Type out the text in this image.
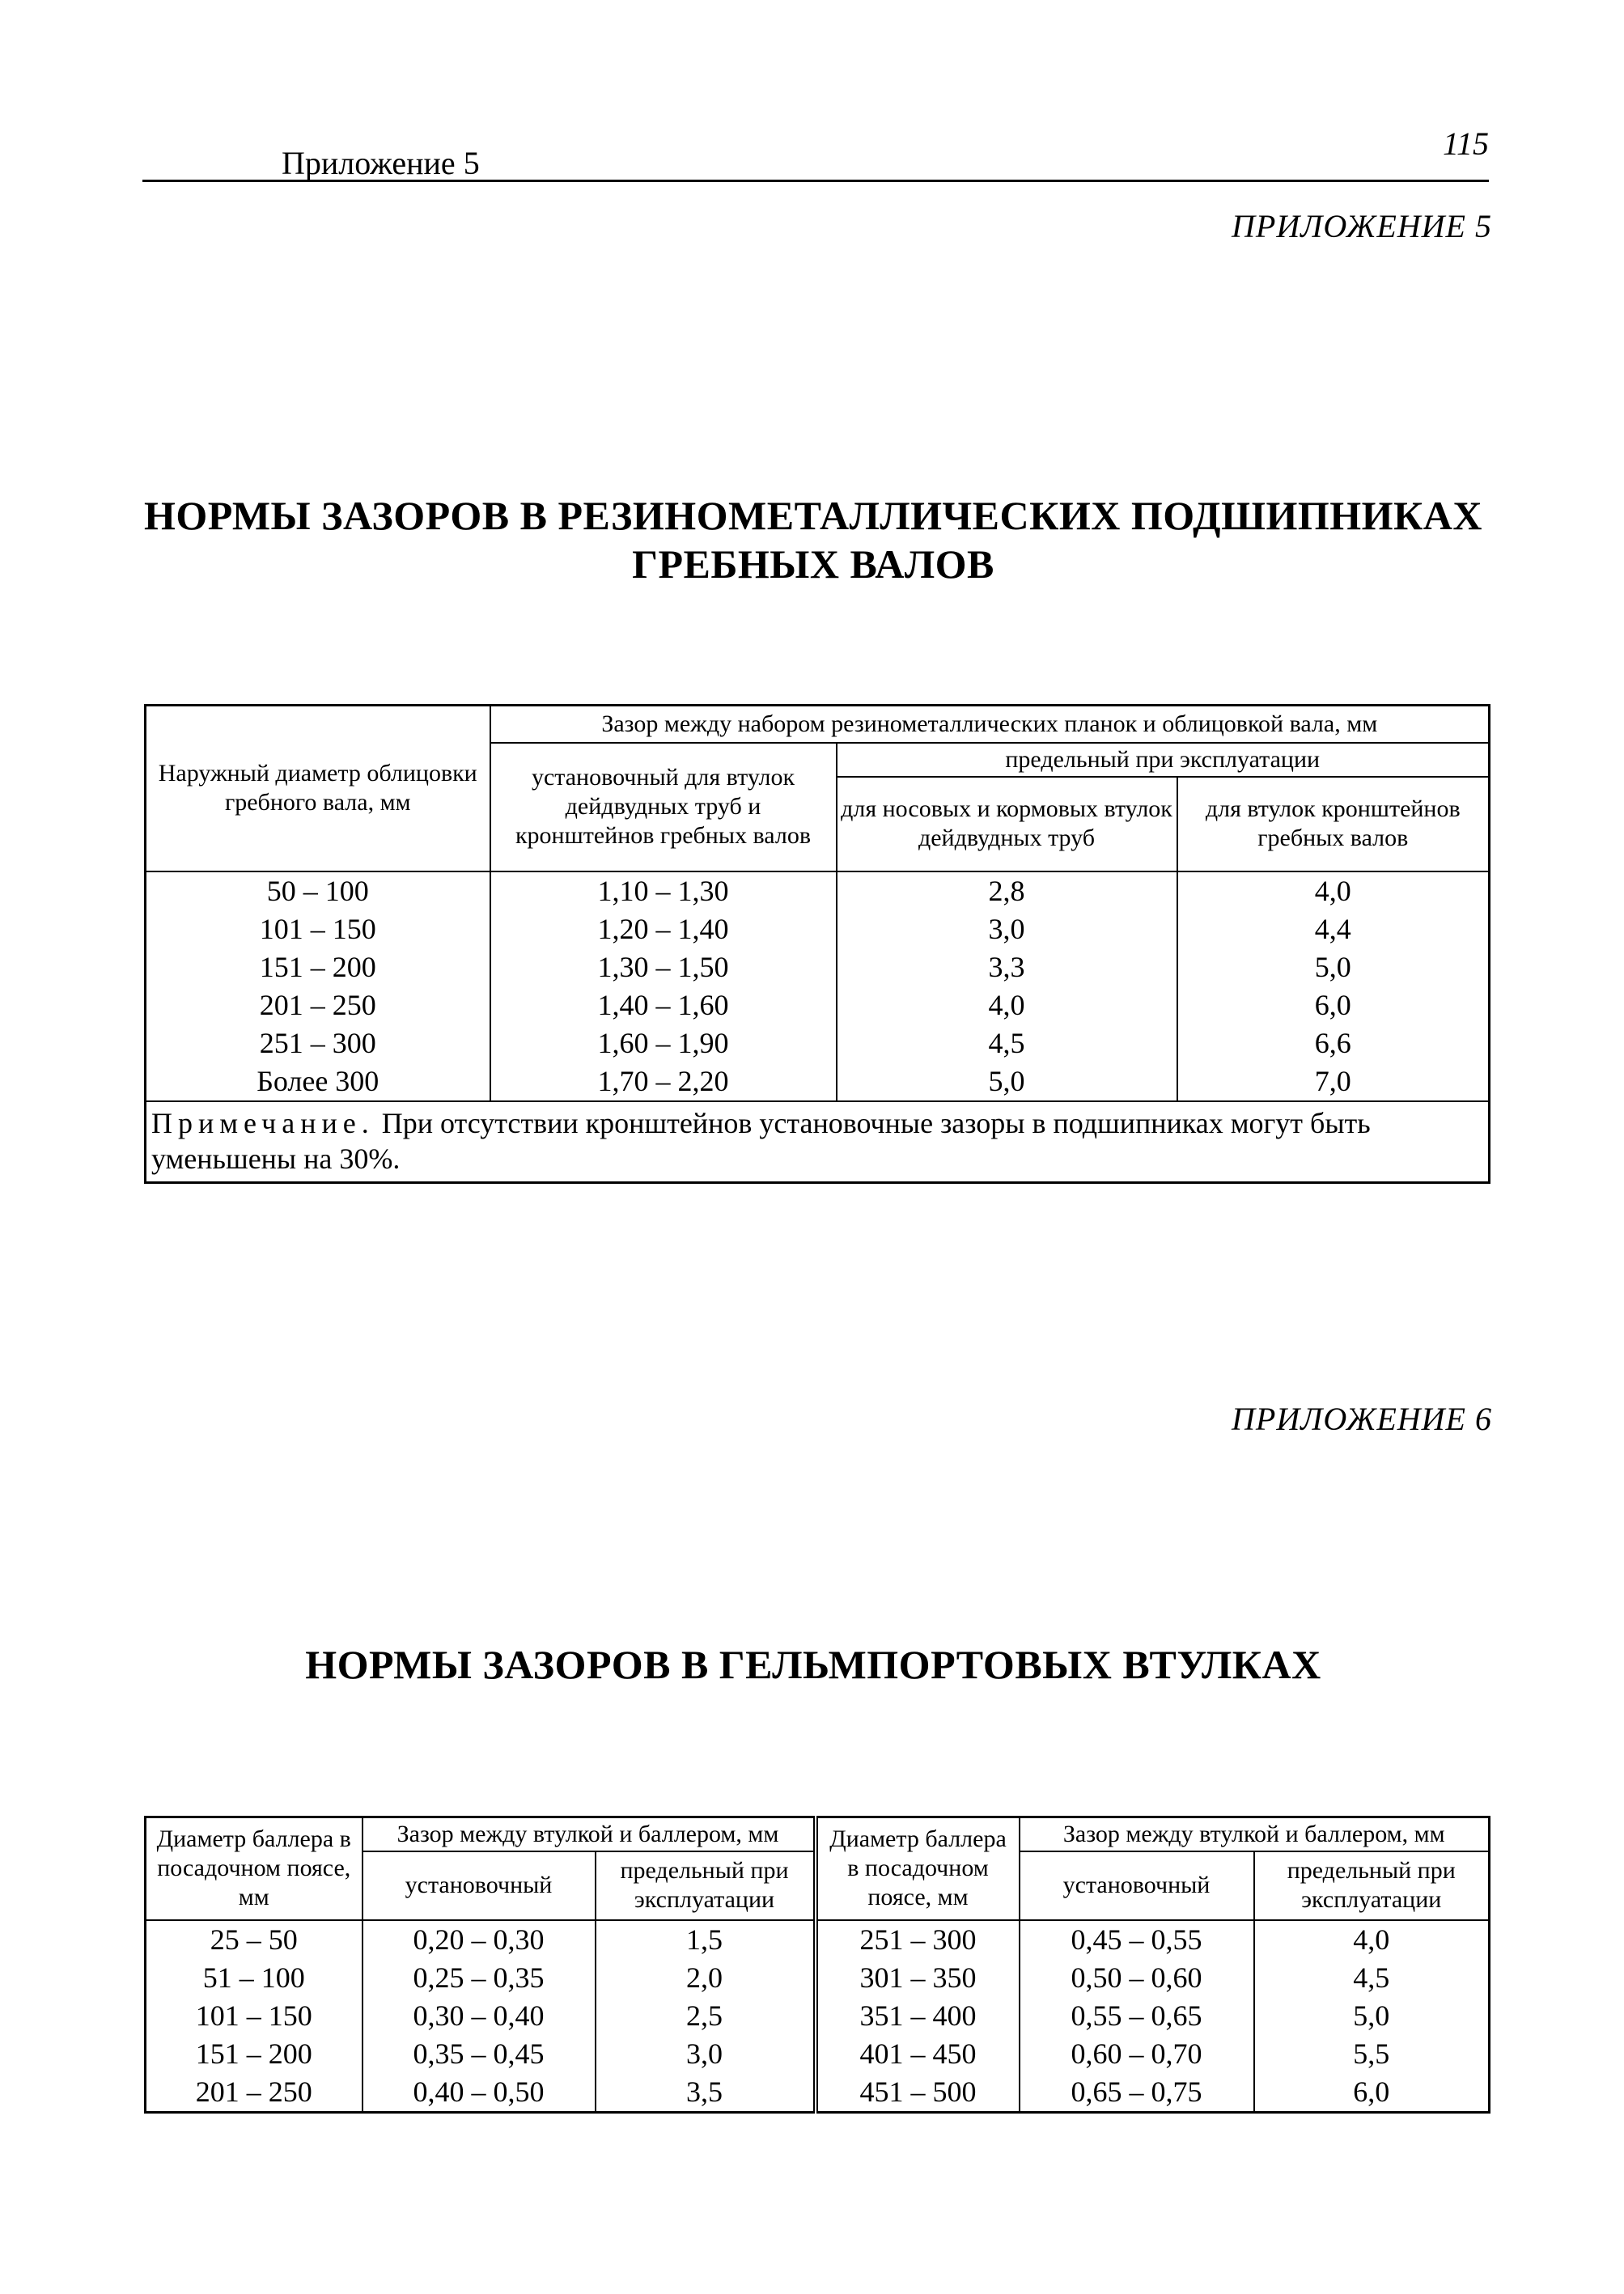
Приложение 5
115
ПРИЛОЖЕНИЕ 5
НОРМЫ ЗАЗОРОВ В РЕЗИНОМЕТАЛЛИЧЕСКИХ ПОДШИПНИКАХ
ГРЕБНЫХ ВАЛОВ
Наружный диаметр облицовки гребного вала, мм	Зазор между набором резинометаллических планок и облицовкой вала, мм		
	установочный для втулок дейдвудных труб и кронштейнов гребных валов	предельный при эксплуатации	
		для носовых и кормовых втулок дейдвудных труб	для втулок кронштейнов гребных валов
50 – 100	1,10 – 1,30	2,8	4,0
101 – 150	1,20 – 1,40	3,0	4,4
151 – 200	1,30 – 1,50	3,3	5,0
201 – 250	1,40 – 1,60	4,0	6,0
251 – 300	1,60 – 1,90	4,5	6,6
Более 300	1,70 – 2,20	5,0	7,0
Примечание. При отсутствии кронштейнов установочные зазоры в подшипниках могут быть уменьшены на 30%.			
ПРИЛОЖЕНИЕ 6
НОРМЫ ЗАЗОРОВ В ГЕЛЬМПОРТОВЫХ ВТУЛКАХ
Диаметр баллера в посадочном поясе, мм	Зазор между втулкой и баллером, мм		Диаметр баллера в посадочном поясе, мм	Зазор между втулкой и баллером, мм	
	установочный	предельный при эксплуатации		установочный	предельный при эксплуатации
25 – 50	0,20 – 0,30	1,5	251 – 300	0,45 – 0,55	4,0
51 – 100	0,25 – 0,35	2,0	301 – 350	0,50 – 0,60	4,5
101 – 150	0,30 – 0,40	2,5	351 – 400	0,55 – 0,65	5,0
151 – 200	0,35 – 0,45	3,0	401 – 450	0,60 – 0,70	5,5
201 – 250	0,40 – 0,50	3,5	451 – 500	0,65 – 0,75	6,0
